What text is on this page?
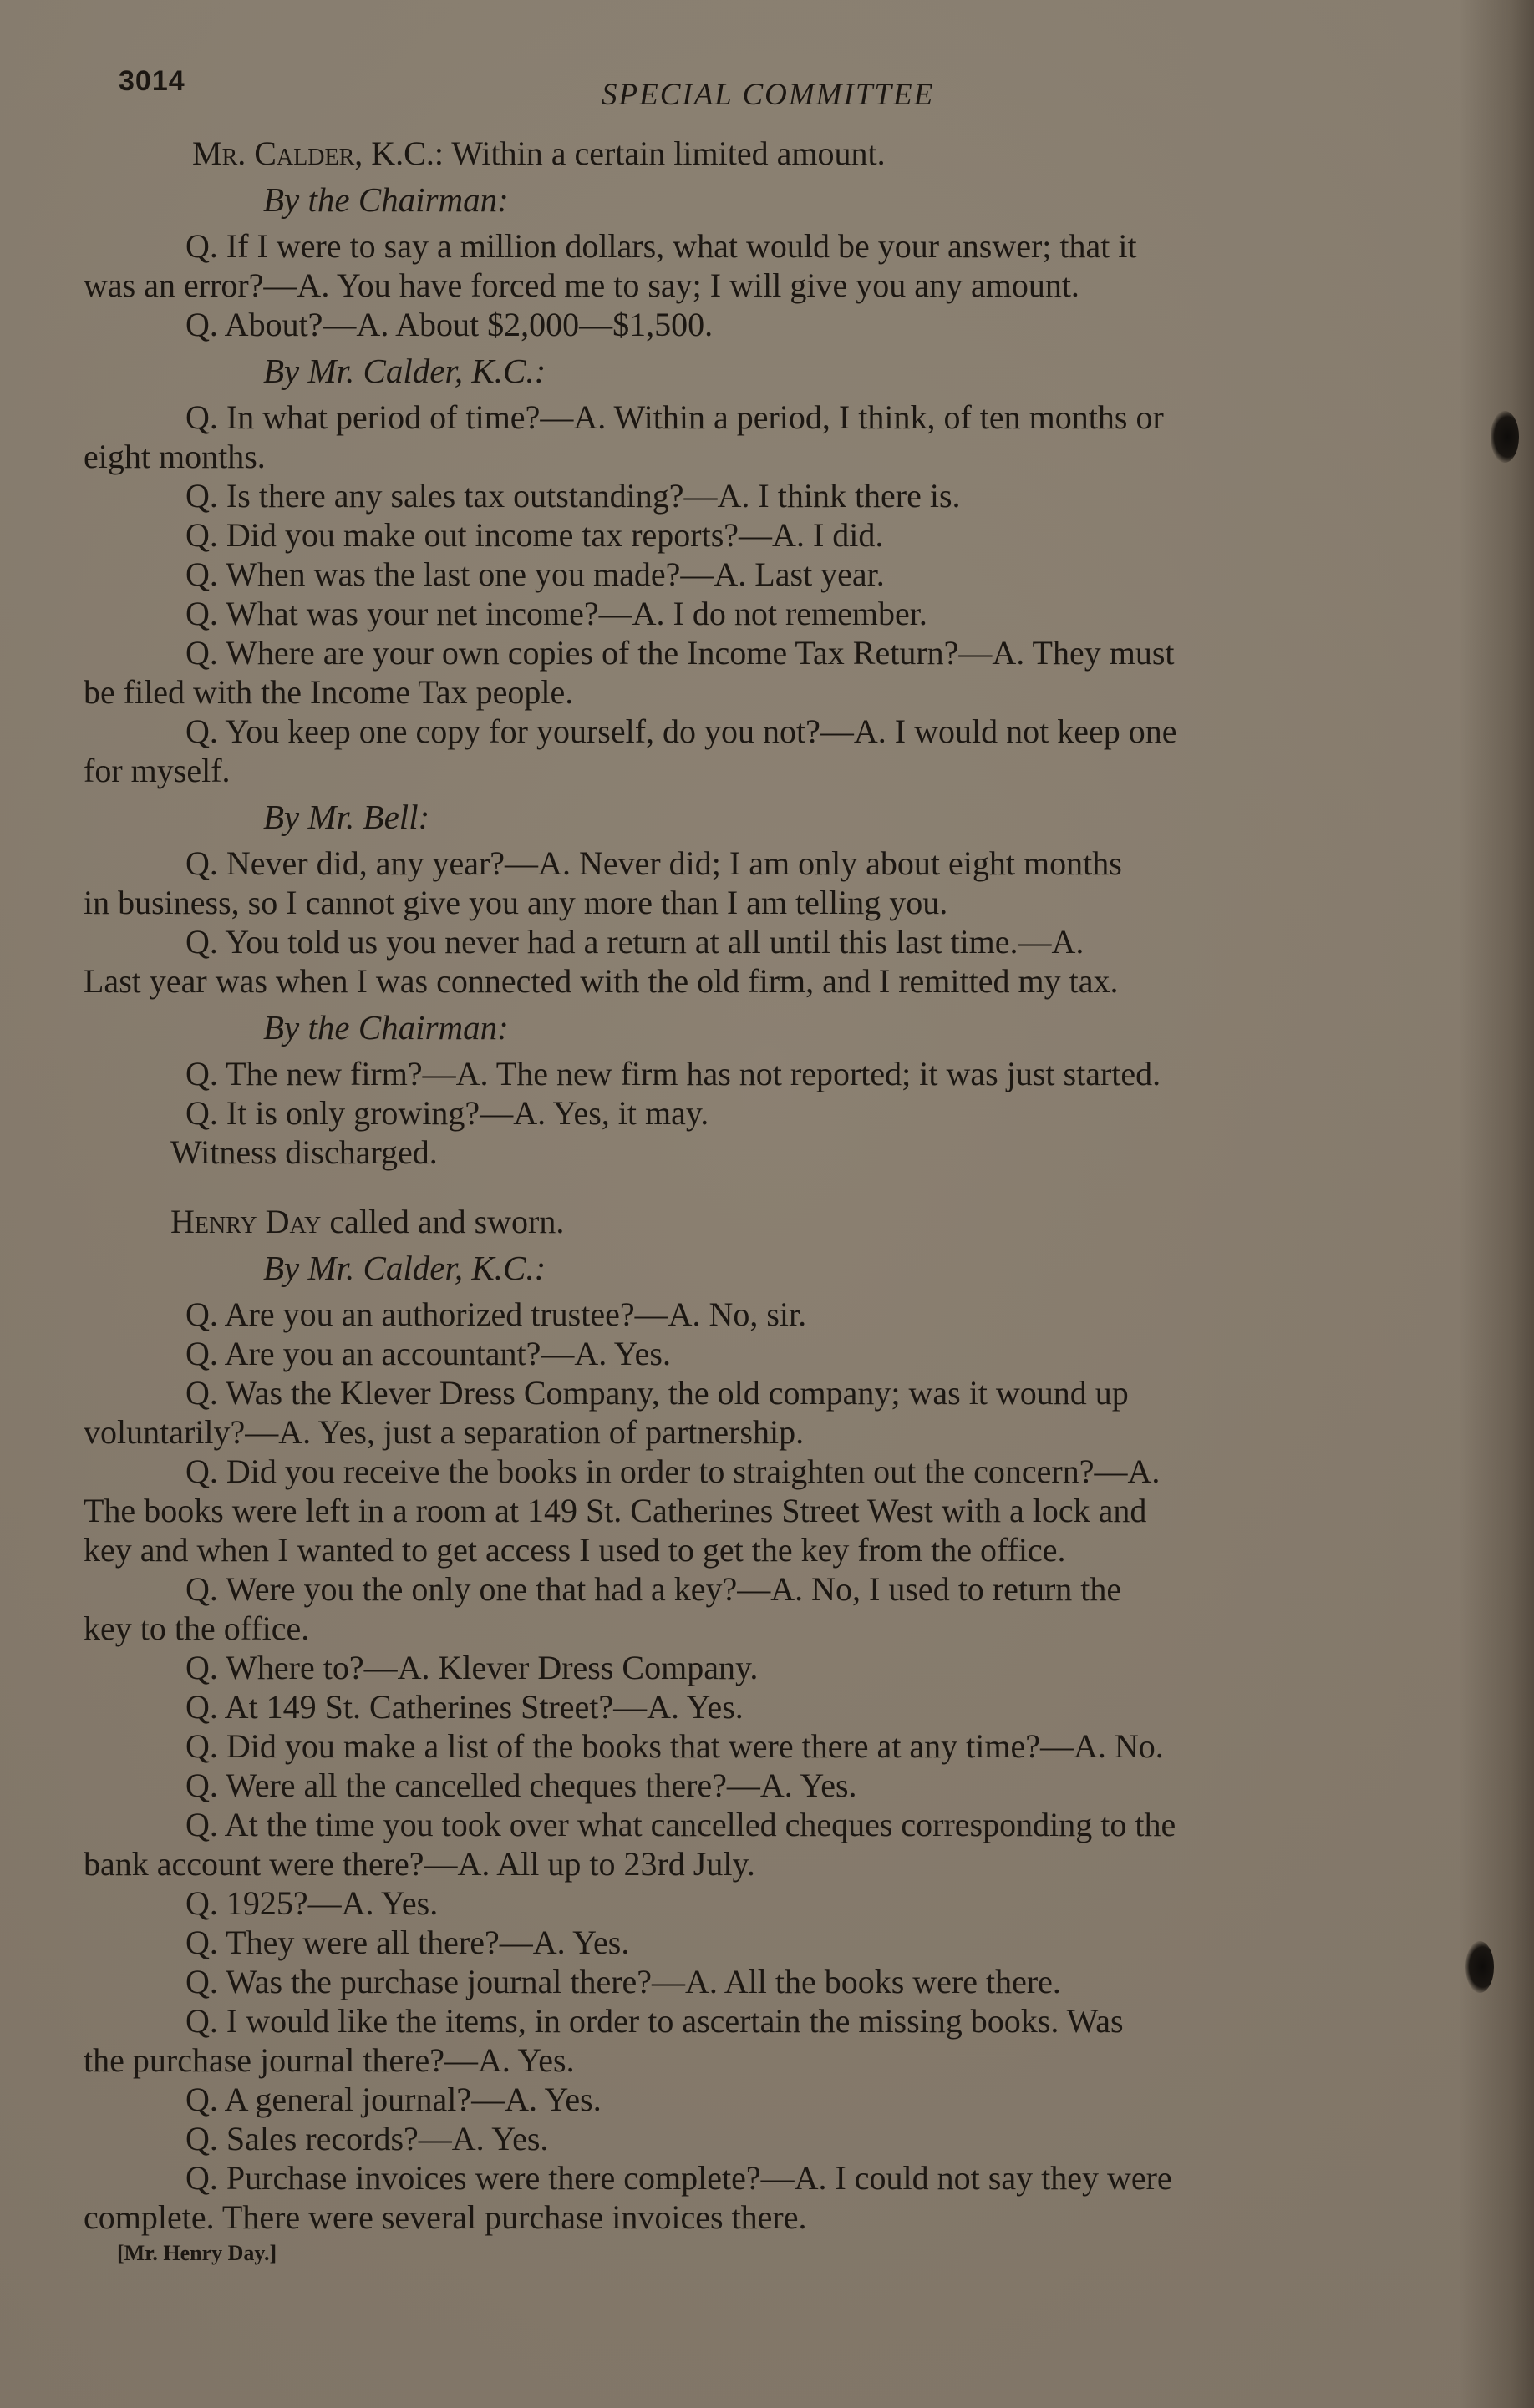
3014	SPECIAL COMMITTEE
Mr. Calder, K.C.: Within a certain limited amount.
By the Chairman:
Q. If I were to say a million dollars, what would be your answer; that it
was an error?—A. You have forced me to say; I will give you any amount.
Q. About?—A. About $2,000—$1,500.
By Mr. Calder, K.C.:
Q. In what period of time?—A. Within a period, I think, of ten months or
eight months.
Q. Is there any sales tax outstanding?—A. I think there is.
Q. Did you make out income tax reports?—A. I did.
Q. When was the last one you made?—A. Last year.
Q. What was your net income?—A. I do not remember.
Q. Where are your own copies of the Income Tax Return?—A. They must
be filed with the Income Tax people.
Q. You keep one copy for yourself, do you not?—A. I would not keep one
for myself.
By Mr. Bell:
Q. Never did, any year?—A. Never did; I am only about eight months
in business, so I cannot give you any more than I am telling you.
Q. You told us you never had a return at all until this last time.—A.
Last year was when I was connected with the old firm, and I remitted my tax.
By the Chairman:
Q. The new firm?—A. The new firm has not reported; it was just started.
Q. It is only growing?—A. Yes, it may.
Witness discharged.
Henry Day called and sworn.
By Mr. Calder, K.C.:
Q. Are you an authorized trustee?—A. No, sir.
Q. Are you an accountant?—A. Yes.
Q. Was the Klever Dress Company, the old company; was it wound up
voluntarily?—A. Yes, just a separation of partnership.
Q. Did you receive the books in order to straighten out the concern?—A.
The books were left in a room at 149 St. Catherines Street West with a lock and
key and when I wanted to get access I used to get the key from the office.
Q. Were you the only one that had a key?—A. No, I used to return the
key to the office.
Q. Where to?—A. Klever Dress Company.
Q. At 149 St. Catherines Street?—A. Yes.
Q. Did you make a list of the books that were there at any time?—A. No.
Q. Were all the cancelled cheques there?—A. Yes.
Q. At the time you took over what cancelled cheques corresponding to the
bank account were there?—A. All up to 23rd July.
Q. 1925?—A. Yes.
Q. They were all there?—A. Yes.
Q. Was the purchase journal there?—A. All the books were there.
Q. I would like the items, in order to ascertain the missing books. Was
the purchase journal there?—A. Yes.
Q. A general journal?—A. Yes.
Q. Sales records?—A. Yes.
Q. Purchase invoices were there complete?—A. I could not say they were
complete. There were several purchase invoices there.
[Mr. Henry Day.]
